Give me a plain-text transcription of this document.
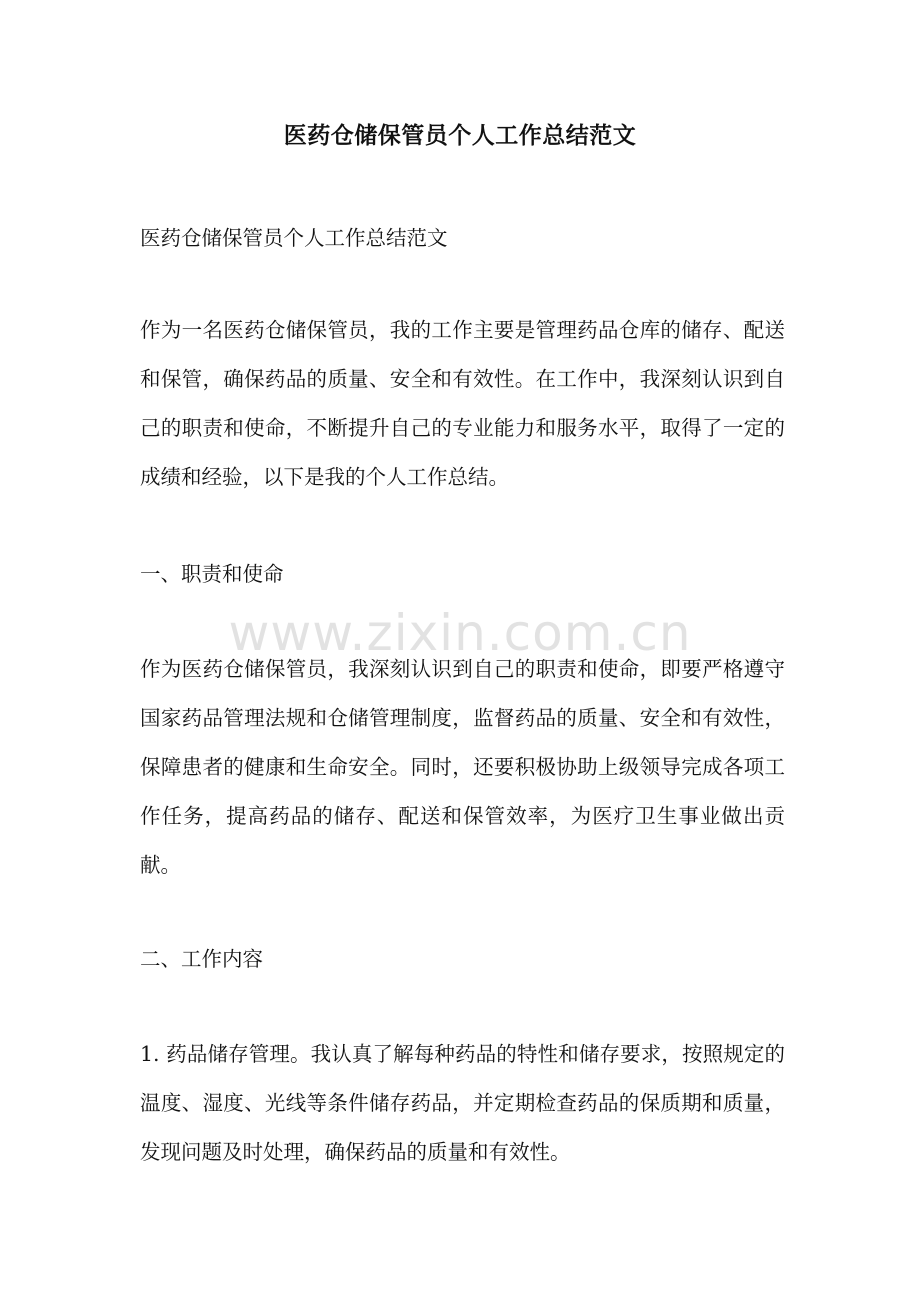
医药仓储保管员个人工作总结范文

医药仓储保管员个人工作总结范文

作为一名医药仓储保管员，我的工作主要是管理药品仓库的储存、配送和保管，确保药品的质量、安全和有效性。在工作中，我深刻认识到自己的职责和使命，不断提升自己的专业能力和服务水平，取得了一定的成绩和经验，以下是我的个人工作总结。

一、职责和使命

www.zixin.com.cn

作为医药仓储保管员，我深刻认识到自己的职责和使命，即要严格遵守国家药品管理法规和仓储管理制度，监督药品的质量、安全和有效性，保障患者的健康和生命安全。同时，还要积极协助上级领导完成各项工作任务，提高药品的储存、配送和保管效率，为医疗卫生事业做出贡献。

二、工作内容

1. 药品储存管理。我认真了解每种药品的特性和储存要求，按照规定的温度、湿度、光线等条件储存药品，并定期检查药品的保质期和质量，发现问题及时处理，确保药品的质量和有效性。
